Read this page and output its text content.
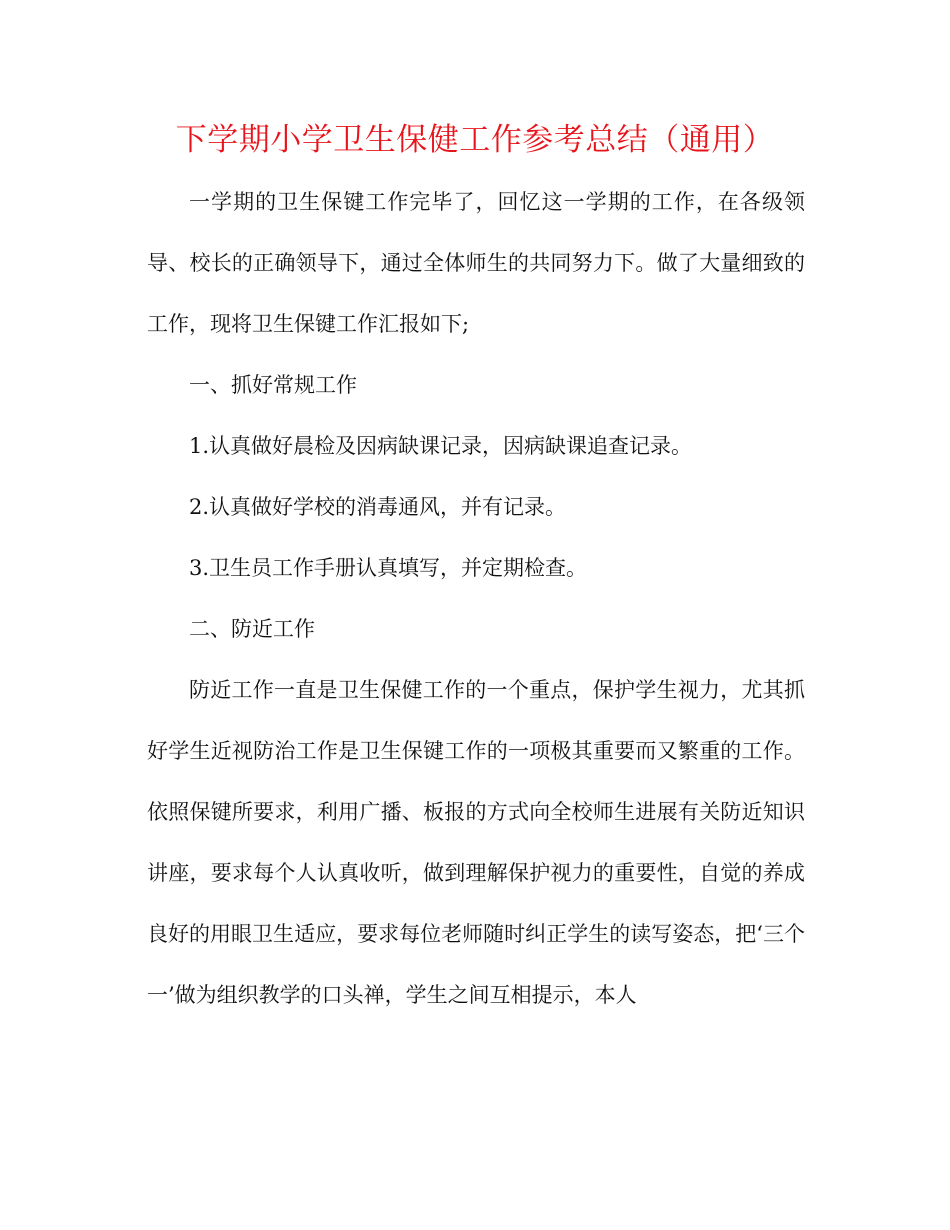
下学期小学卫生保健工作参考总结（通用）

一学期的卫生保键工作完毕了，回忆这一学期的工作，在各级领导、校长的正确领导下，通过全体师生的共同努力下。做了大量细致的工作，现将卫生保键工作汇报如下;

一、抓好常规工作

1.认真做好晨检及因病缺课记录，因病缺课追查记录。

2.认真做好学校的消毒通风，并有记录。

3.卫生员工作手册认真填写，并定期检查。

二、防近工作

防近工作一直是卫生保健工作的一个重点，保护学生视力，尤其抓好学生近视防治工作是卫生保键工作的一项极其重要而又繁重的工作。依照保键所要求，利用广播、板报的方式向全校师生进展有关防近知识讲座，要求每个人认真收听，做到理解保护视力的重要性，自觉的养成良好的用眼卫生适应，要求每位老师随时纠正学生的读写姿态，把‘三个一’做为组织教学的口头禅，学生之间互相提示，本人
